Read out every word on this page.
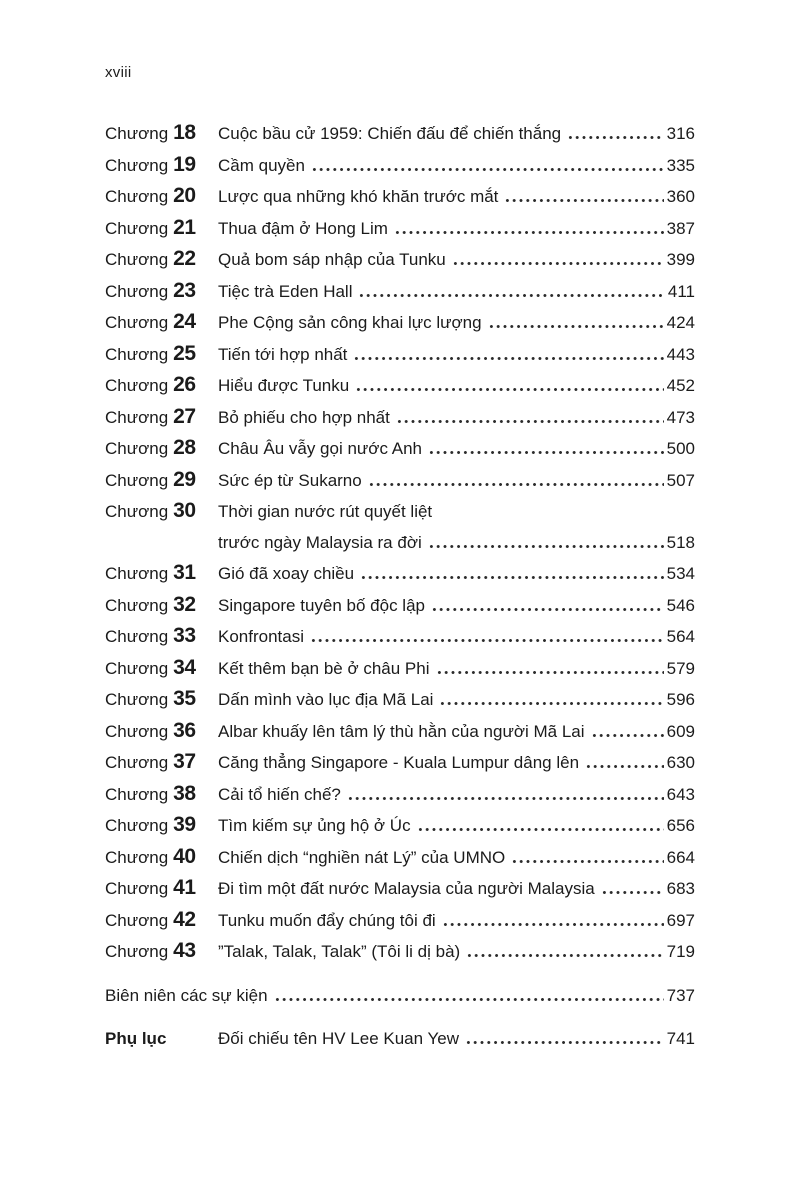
xviii
Chương 18	Cuộc bầu cử 1959: Chiến đấu để chiến thắng	316
Chương 19	Cầm quyền	335
Chương 20	Lược qua những khó khăn trước mắt	360
Chương 21	Thua đậm ở Hong Lim	387
Chương 22	Quả bom sáp nhập của Tunku	399
Chương 23	Tiệc trà Eden Hall	411
Chương 24	Phe Cộng sản công khai lực lượng	424
Chương 25	Tiến tới hợp nhất	443
Chương 26	Hiểu được Tunku	452
Chương 27	Bỏ phiếu cho hợp nhất	473
Chương 28	Châu Âu vẫy gọi nước Anh	500
Chương 29	Sức ép từ Sukarno	507
Chương 30	Thời gian nước rút quyết liệt
trước ngày Malaysia ra đời	518
Chương 31	Gió đã xoay chiều	534
Chương 32	Singapore tuyên bố độc lập	546
Chương 33	Konfrontasi	564
Chương 34	Kết thêm bạn bè ở châu Phi	579
Chương 35	Dấn mình vào lục địa Mã Lai	596
Chương 36	Albar khuấy lên tâm lý thù hằn của người Mã Lai	609
Chương 37	Căng thẳng Singapore - Kuala Lumpur dâng lên	630
Chương 38	Cải tổ hiến chế?	643
Chương 39	Tìm kiếm sự ủng hộ ở Úc	656
Chương 40	Chiến dịch “nghiền nát Lý” của UMNO	664
Chương 41	Đi tìm một đất nước Malaysia của người Malaysia	683
Chương 42	Tunku muốn đẩy chúng tôi đi	697
Chương 43	”Talak, Talak, Talak” (Tôi li dị bà)	719
Biên niên các sự kiện	737
Phụ lục	Đối chiếu tên HV Lee Kuan Yew	741
